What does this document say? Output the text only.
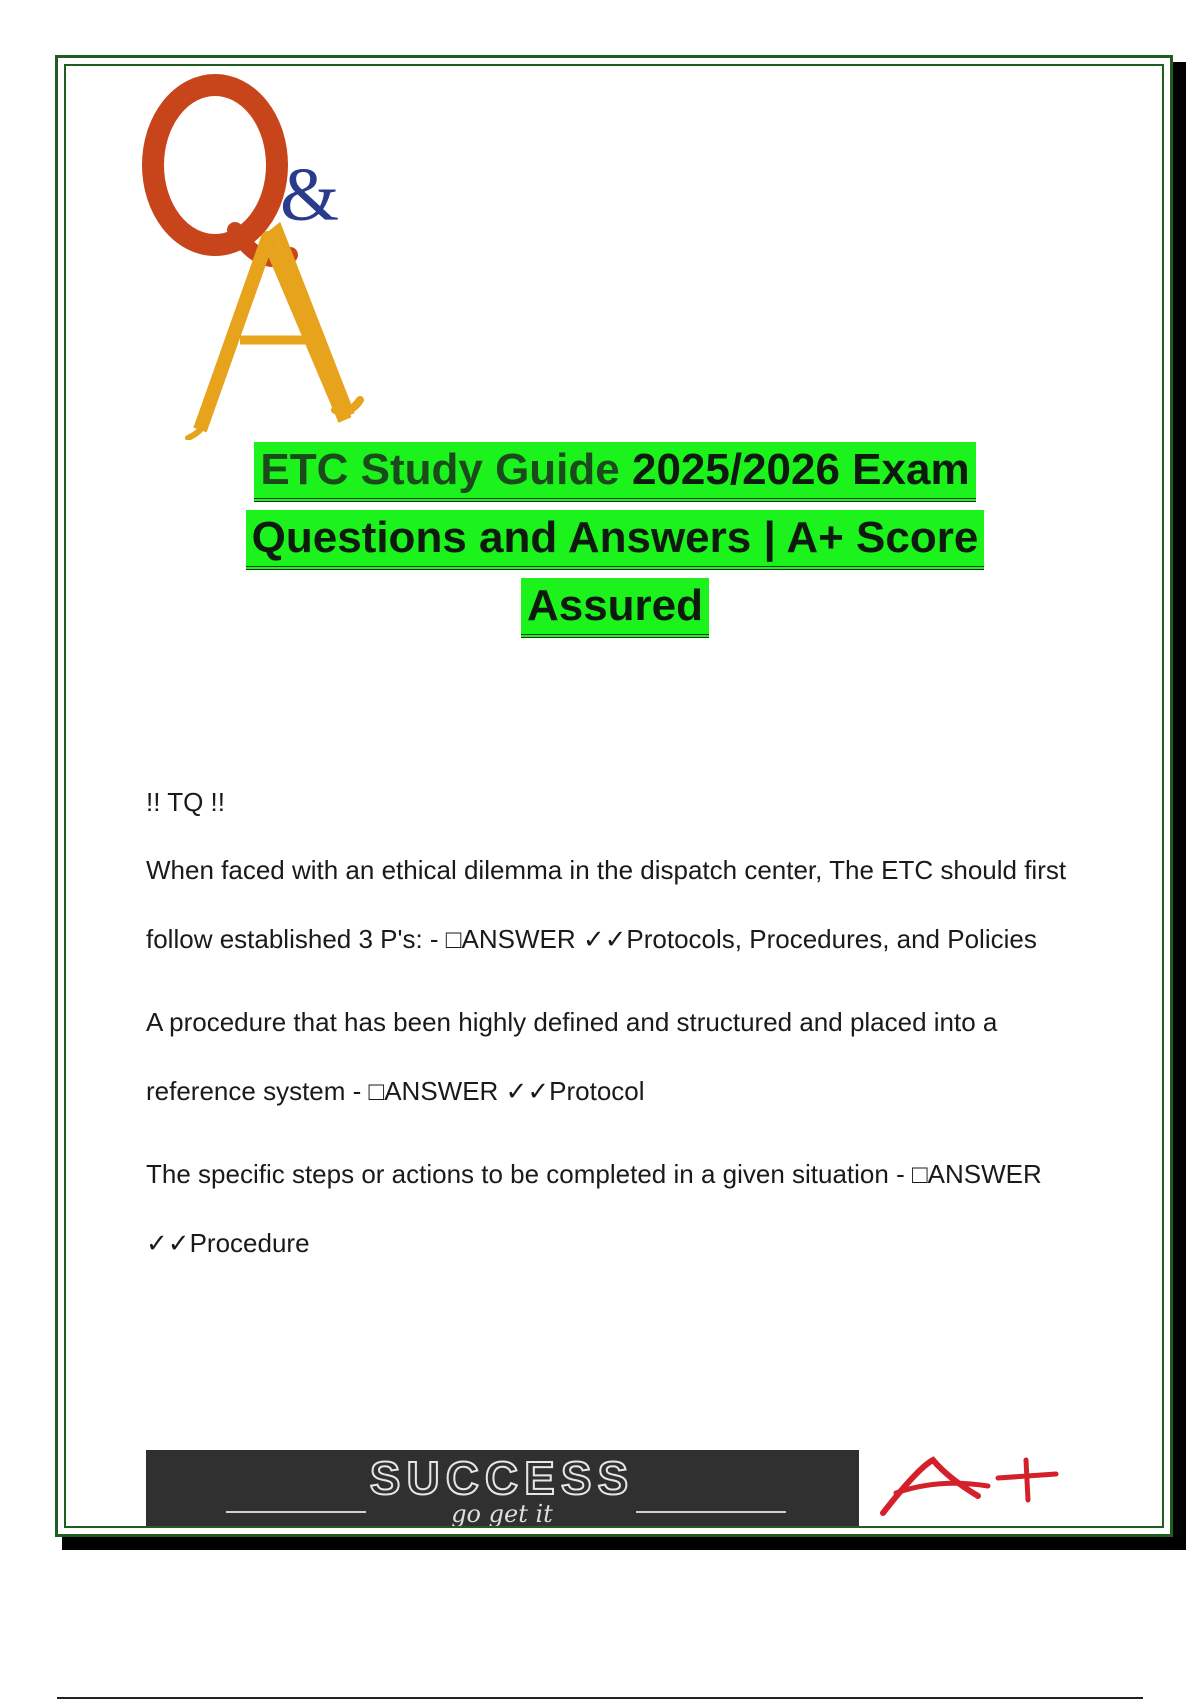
&
ETC Study Guide 2025/2026 Exam
Questions and Answers | A+ Score
Assured
!! TQ !!
When faced with an ethical dilemma in the dispatch center, The ETC should first follow established 3 P's: - □ANSWER ✓✓Protocols, Procedures, and Policies
A procedure that has been highly defined and structured and placed into a reference system - □ANSWER ✓✓Protocol
The specific steps or actions to be completed in a given situation - □ANSWER ✓✓Procedure
SUCCESS
go get it
